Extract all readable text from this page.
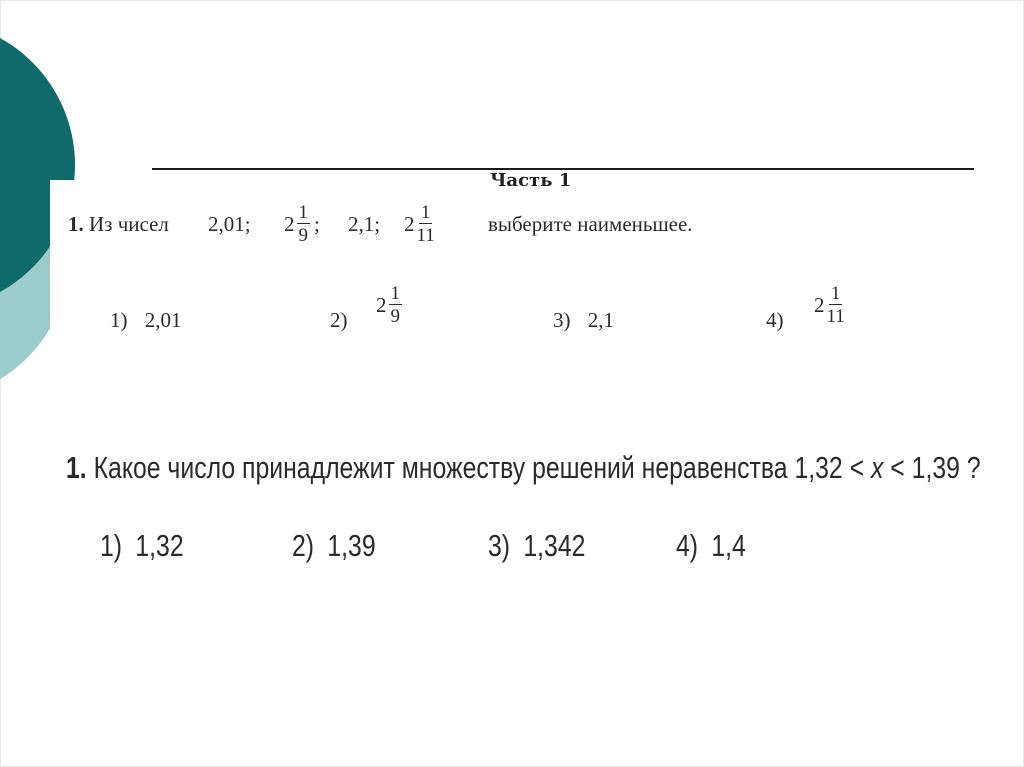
Часть 1
1. Из чисел 2,01; $2 \frac{1}{9}$ ; 2,1; $2 \frac{1}{11}$	выберите наименьшее.
1) 2,01	2)
$2 \frac{1}{9}$	3) 2,1	4)
$2 \frac{1}{11}$
1. Какое число принадлежит множеству решений неравенства 1,32 < x < 1,39 ?
1) 1,32	2) 1,39	3) 1,342	4) 1,4
